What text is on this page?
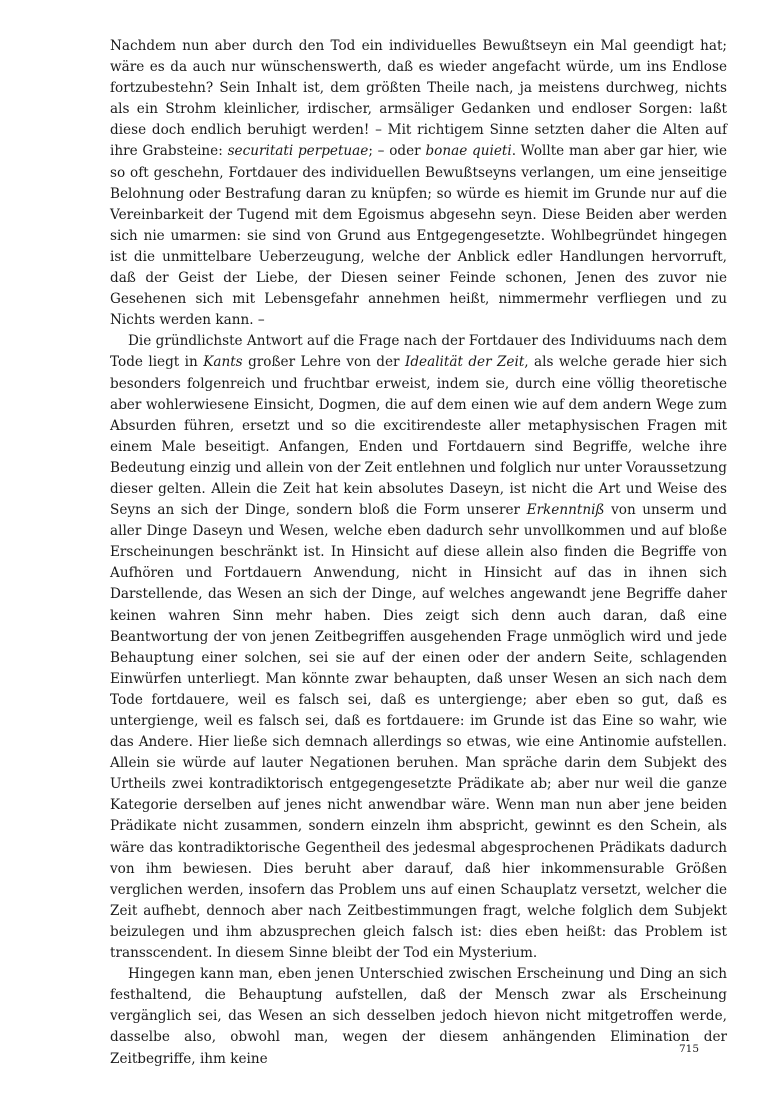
Nachdem nun aber durch den Tod ein individuelles Bewußtseyn ein Mal geendigt hat; wäre es da auch nur wünschenswerth, daß es wieder angefacht würde, um ins Endlose fortzubestehn? Sein Inhalt ist, dem größten Theile nach, ja meistens durchweg, nichts als ein Strohm kleinlicher, irdischer, armsäliger Gedanken und endloser Sorgen: laßt diese doch endlich beruhigt werden! – Mit richtigem Sinne setzten daher die Alten auf ihre Grabsteine: securitati perpetuae; – oder bonae quieti. Wollte man aber gar hier, wie so oft geschehn, Fortdauer des individuellen Bewußtseyns verlangen, um eine jenseitige Belohnung oder Bestrafung daran zu knüpfen; so würde es hiemit im Grunde nur auf die Vereinbarkeit der Tugend mit dem Egoismus abgesehn seyn. Diese Beiden aber werden sich nie umarmen: sie sind von Grund aus Entgegengesetzte. Wohlbegründet hingegen ist die unmittelbare Ueberzeugung, welche der Anblick edler Handlungen hervorruft, daß der Geist der Liebe, der Diesen seiner Feinde schonen, Jenen des zuvor nie Gesehenen sich mit Lebensgefahr annehmen heißt, nimmermehr verfliegen und zu Nichts werden kann. –

Die gründlichste Antwort auf die Frage nach der Fortdauer des Individuums nach dem Tode liegt in Kants großer Lehre von der Idealität der Zeit, als welche gerade hier sich besonders folgenreich und fruchtbar erweist, indem sie, durch eine völlig theoretische aber wohlerwiesene Einsicht, Dogmen, die auf dem einen wie auf dem andern Wege zum Absurden führen, ersetzt und so die excitirendeste aller metaphysischen Fragen mit einem Male beseitigt. Anfangen, Enden und Fortdauern sind Begriffe, welche ihre Bedeutung einzig und allein von der Zeit entlehnen und folglich nur unter Voraussetzung dieser gelten. Allein die Zeit hat kein absolutes Daseyn, ist nicht die Art und Weise des Seyns an sich der Dinge, sondern bloß die Form unserer Erkenntniß von unserm und aller Dinge Daseyn und Wesen, welche eben dadurch sehr unvollkommen und auf bloße Erscheinungen beschränkt ist. In Hinsicht auf diese allein also finden die Begriffe von Aufhören und Fortdauern Anwendung, nicht in Hinsicht auf das in ihnen sich Darstellende, das Wesen an sich der Dinge, auf welches angewandt jene Begriffe daher keinen wahren Sinn mehr haben. Dies zeigt sich denn auch daran, daß eine Beantwortung der von jenen Zeitbegriffen ausgehenden Frage unmöglich wird und jede Behauptung einer solchen, sei sie auf der einen oder der andern Seite, schlagenden Einwürfen unterliegt. Man könnte zwar behaupten, daß unser Wesen an sich nach dem Tode fortdauere, weil es falsch sei, daß es untergienge; aber eben so gut, daß es untergienge, weil es falsch sei, daß es fortdauere: im Grunde ist das Eine so wahr, wie das Andere. Hier ließe sich demnach allerdings so etwas, wie eine Antinomie aufstellen. Allein sie würde auf lauter Negationen beruhen. Man spräche darin dem Subjekt des Urtheils zwei kontradiktorisch entgegengesetzte Prädikate ab; aber nur weil die ganze Kategorie derselben auf jenes nicht anwendbar wäre. Wenn man nun aber jene beiden Prädikate nicht zusammen, sondern einzeln ihm abspricht, gewinnt es den Schein, als wäre das kontradiktorische Gegentheil des jedesmal abgesprochenen Prädikats dadurch von ihm bewiesen. Dies beruht aber darauf, daß hier inkommensurable Größen verglichen werden, insofern das Problem uns auf einen Schauplatz versetzt, welcher die Zeit aufhebt, dennoch aber nach Zeitbestimmungen fragt, welche folglich dem Subjekt beizulegen und ihm abzusprechen gleich falsch ist: dies eben heißt: das Problem ist transscendent. In diesem Sinne bleibt der Tod ein Mysterium.

Hingegen kann man, eben jenen Unterschied zwischen Erscheinung und Ding an sich festhaltend, die Behauptung aufstellen, daß der Mensch zwar als Erscheinung vergänglich sei, das Wesen an sich desselben jedoch hievon nicht mitgetroffen werde, dasselbe also, obwohl man, wegen der diesem anhängenden Elimination der Zeitbegriffe, ihm keine

715
